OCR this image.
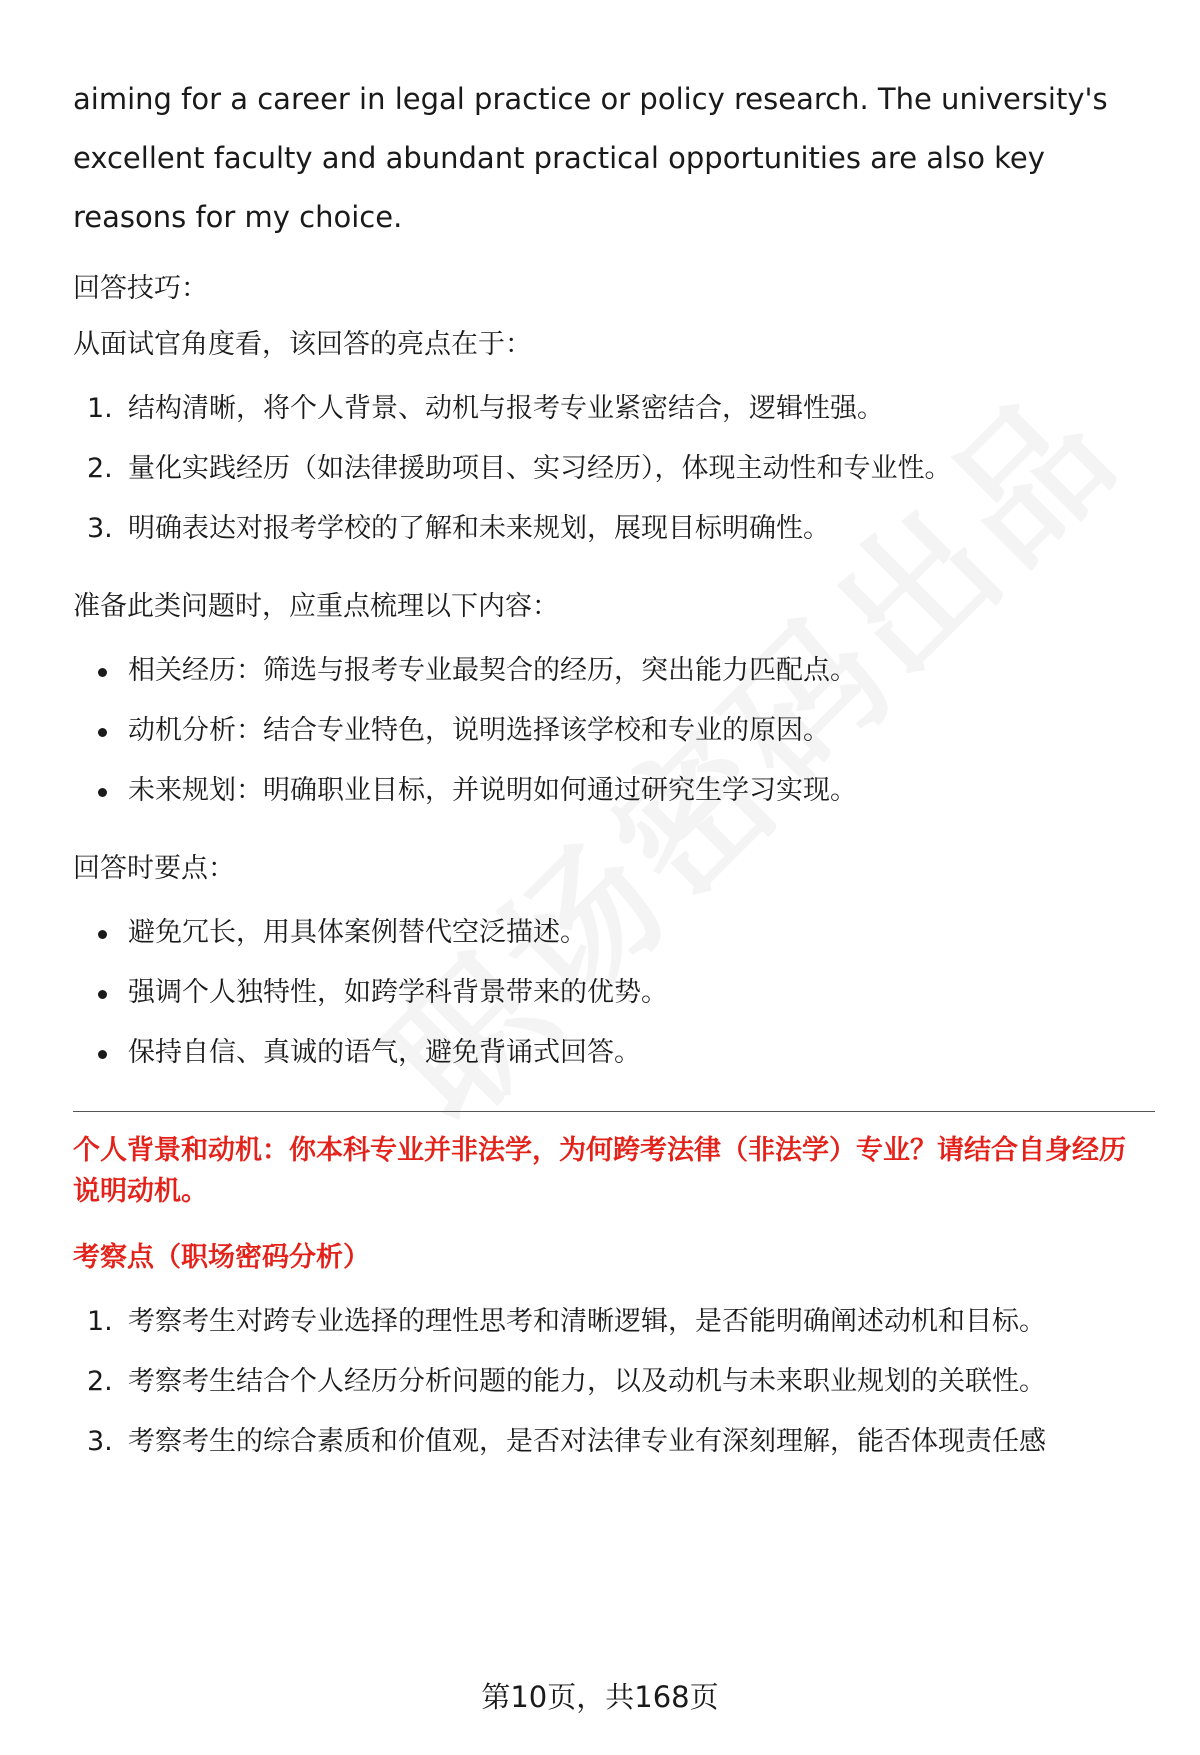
aiming for a career in legal practice or policy research. The university's excellent faculty and abundant practical opportunities are also key reasons for my choice.

回答技巧：

从面试官角度看，该回答的亮点在于：

1. 结构清晰，将个人背景、动机与报考专业紧密结合，逻辑性强。
2. 量化实践经历（如法律援助项目、实习经历），体现主动性和专业性。
3. 明确表达对报考学校的了解和未来规划，展现目标明确性。

准备此类问题时，应重点梳理以下内容：

相关经历：筛选与报考专业最契合的经历，突出能力匹配点。
动机分析：结合专业特色，说明选择该学校和专业的原因。
未来规划：明确职业目标，并说明如何通过研究生学习实现。

回答时要点：

避免冗长，用具体案例替代空泛描述。
强调个人独特性，如跨学科背景带来的优势。
保持自信、真诚的语气，避免背诵式回答。

个人背景和动机：你本科专业并非法学，为何跨考法律（非法学）专业？请结合自身经历说明动机。

考察点（职场密码分析）

1. 考察考生对跨专业选择的理性思考和清晰逻辑，是否能明确阐述动机和目标。
2. 考察考生结合个人经历分析问题的能力，以及动机与未来职业规划的关联性。
3. 考察考生的综合素质和价值观，是否对法律专业有深刻理解，能否体现责任感
第10页，共168页
